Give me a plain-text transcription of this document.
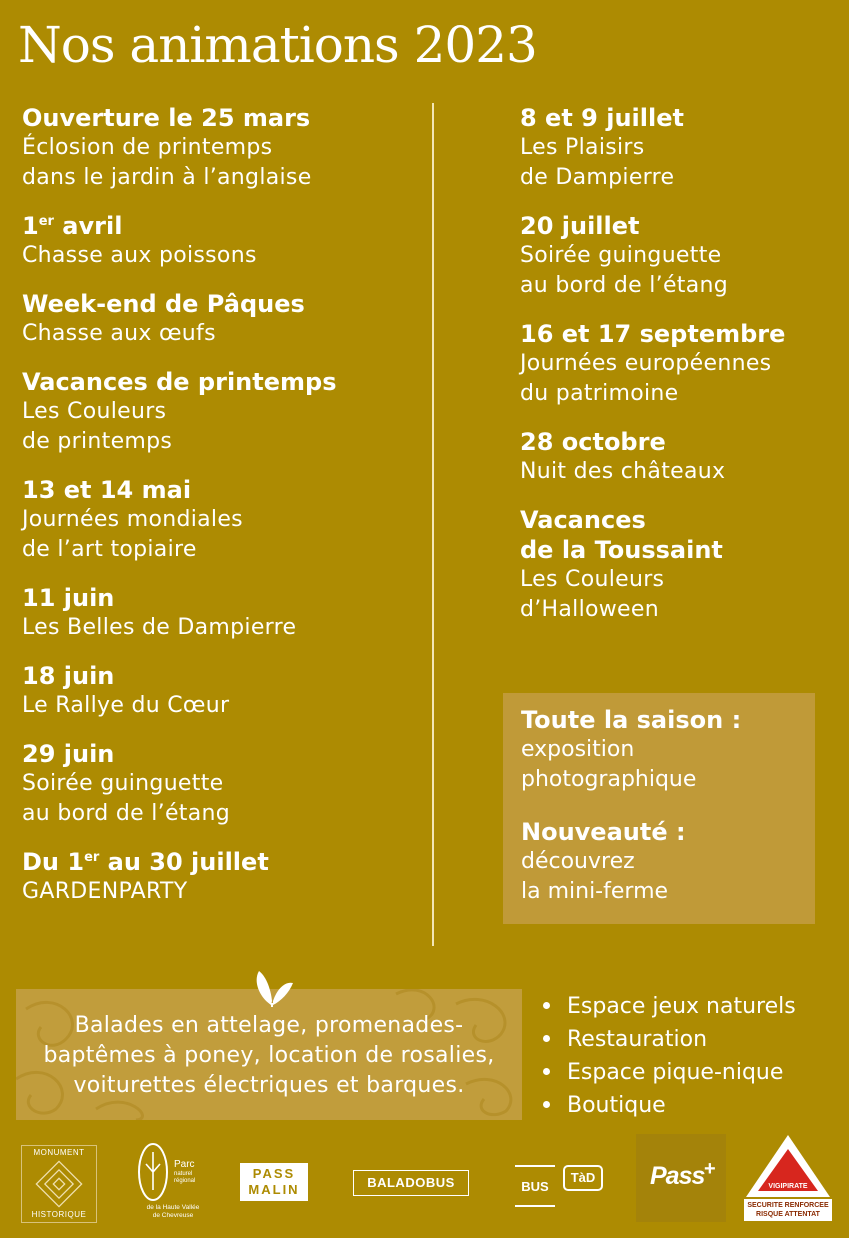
Nos animations 2023
Ouverture le 25 mars
Éclosion de printemps
dans le jardin à l’anglaise
1er avril
Chasse aux poissons
Week-end de Pâques
Chasse aux œufs
Vacances de printemps
Les Couleurs
de printemps
13 et 14 mai
Journées mondiales
de l’art topiaire
11 juin
Les Belles de Dampierre
18 juin
Le Rallye du Cœur
29 juin
Soirée guinguette
au bord de l’étang
Du 1er au 30 juillet
GARDENPARTY
8 et 9 juillet
Les Plaisirs
de Dampierre
20 juillet
Soirée guinguette
au bord de l’étang
16 et 17 septembre
Journées européennes
du patrimoine
28 octobre
Nuit des châteaux
Vacances
de la Toussaint
Les Couleurs
d’Halloween
Toute la saison :
exposition
photographique
Nouveauté :
découvrez
la mini-ferme
Balades en attelage, promenades-
baptêmes à poney, location de rosalies,
voiturettes électriques et barques.
Espace jeux naturels
Restauration
Espace pique-nique
Boutique
MONUMENT
HISTORIQUE
Parc
naturel
régional
de la Haute Vallée
de Chevreuse
PASS
MALIN	BALADOBUS	BUS
TàD Pass +
VIGIPIRATE
SECURITE RENFORCEE
RISQUE ATTENTAT
